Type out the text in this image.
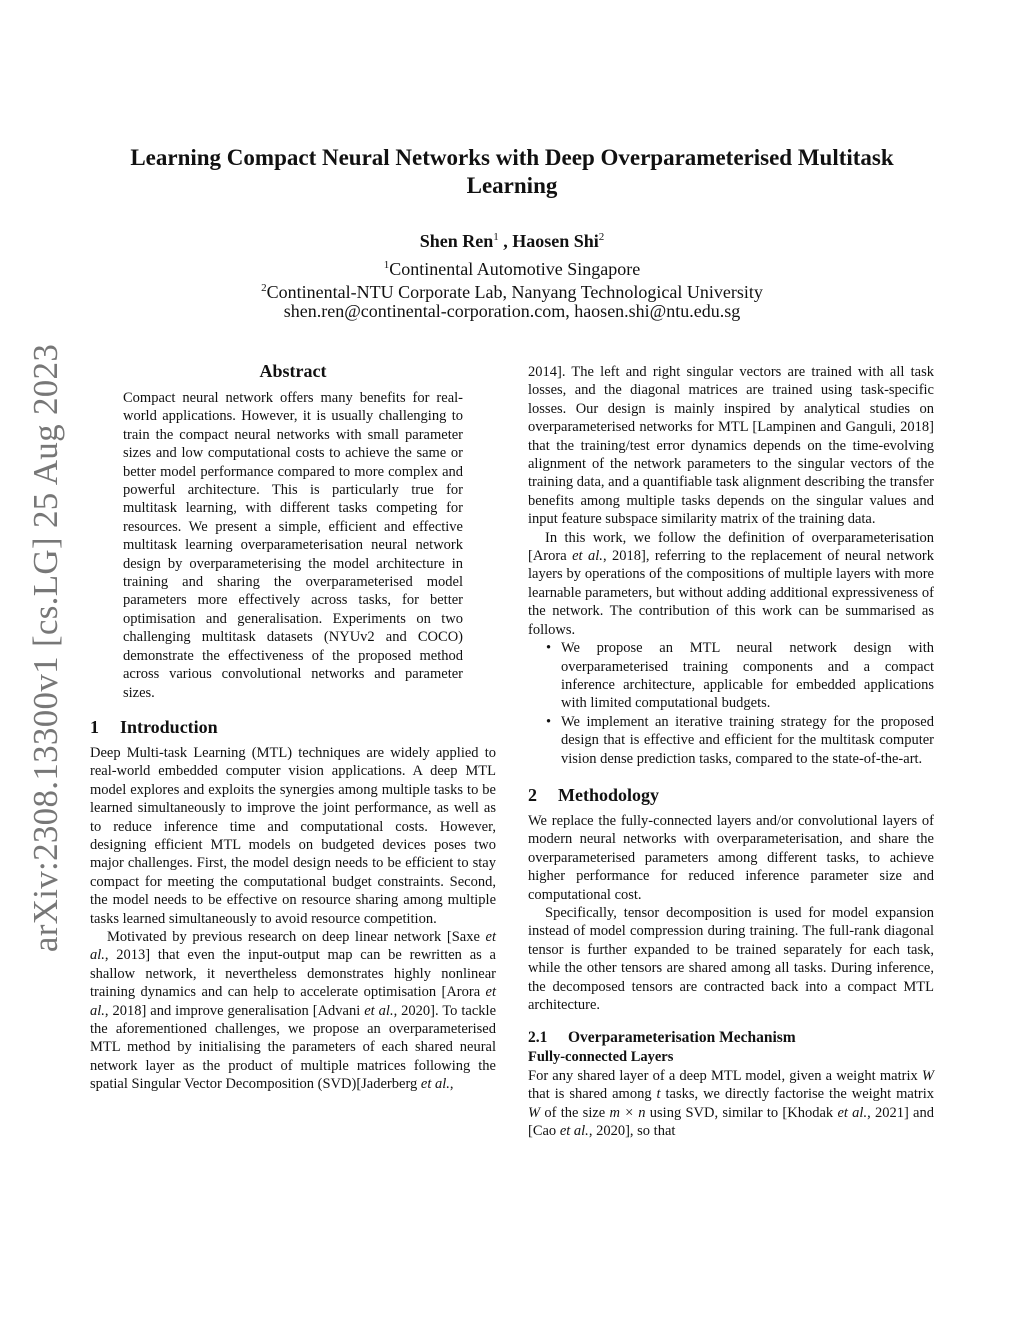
arXiv:2308.13300v1 [cs.LG] 25 Aug 2023
Learning Compact Neural Networks with Deep Overparameterised Multitask Learning
Shen Ren$^1$ , Haosen Shi$^2$
$^1$Continental Automotive Singapore
$^2$Continental-NTU Corporate Lab, Nanyang Technological University
shen.ren@continental-corporation.com, haosen.shi@ntu.edu.sg
Abstract

Compact neural network offers many benefits for real-world applications. However, it is usually challenging to train the compact neural networks with small parameter sizes and low computational costs to achieve the same or better model performance compared to more complex and powerful architecture. This is particularly true for multitask learning, with different tasks competing for resources. We present a simple, efficient and effective multitask learning overparameterisation neural network design by overparameterising the model architecture in training and sharing the overparameterised model parameters more effectively across tasks, for better optimisation and generalisation. Experiments on two challenging multitask datasets (NYUv2 and COCO) demonstrate the effectiveness of the proposed method across various convolutional networks and parameter sizes.

1 Introduction

Deep Multi-task Learning (MTL) techniques are widely applied to real-world embedded computer vision applications. A deep MTL model explores and exploits the synergies among multiple tasks to be learned simultaneously to improve the joint performance, as well as to reduce inference time and computational costs. However, designing efficient MTL models on budgeted devices poses two major challenges. First, the model design needs to be efficient to stay compact for meeting the computational budget constraints. Second, the model needs to be effective on resource sharing among multiple tasks learned simultaneously to avoid resource competition.

Motivated by previous research on deep linear network [Saxe et al., 2013] that even the input-output map can be rewritten as a shallow network, it nevertheless demonstrates highly nonlinear training dynamics and can help to accelerate optimisation [Arora et al., 2018] and improve generalisation [Advani et al., 2020]. To tackle the aforementioned challenges, we propose an overparameterised MTL method by initialising the parameters of each shared neural network layer as the product of multiple matrices following the spatial Singular Vector Decomposition (SVD)[Jaderberg et al.,

2014]. The left and right singular vectors are trained with all task losses, and the diagonal matrices are trained using task-specific losses. Our design is mainly inspired by analytical studies on overparameterised networks for MTL [Lampinen and Ganguli, 2018] that the training/test error dynamics depends on the time-evolving alignment of the network parameters to the singular vectors of the training data, and a quantifiable task alignment describing the transfer benefits among multiple tasks depends on the singular values and input feature subspace similarity matrix of the training data.

In this work, we follow the definition of overparameterisation [Arora et al., 2018], referring to the replacement of neural network layers by operations of the compositions of multiple layers with more learnable parameters, but without adding additional expressiveness of the network. The contribution of this work can be summarised as follows.

• We propose an MTL neural network design with overparameterised training components and a compact inference architecture, applicable for embedded applications with limited computational budgets.
• We implement an iterative training strategy for the proposed design that is effective and efficient for the multitask computer vision dense prediction tasks, compared to the state-of-the-art.
2 Methodology

We replace the fully-connected layers and/or convolutional layers of modern neural networks with overparameterisation, and share the overparameterised parameters among different tasks, to achieve higher performance for reduced inference parameter size and computational cost.

Specifically, tensor decomposition is used for model expansion instead of model compression during training. The full-rank diagonal tensor is further expanded to be trained separately for each task, while the other tensors are shared among all tasks. During inference, the decomposed tensors are contracted back into a compact MTL architecture.

2.1 Overparameterisation Mechanism

Fully-connected Layers

For any shared layer of a deep MTL model, given a weight matrix W that is shared among t tasks, we directly factorise the weight matrix W of the size m × n using SVD, similar to [Khodak et al., 2021] and [Cao et al., 2020], so that
